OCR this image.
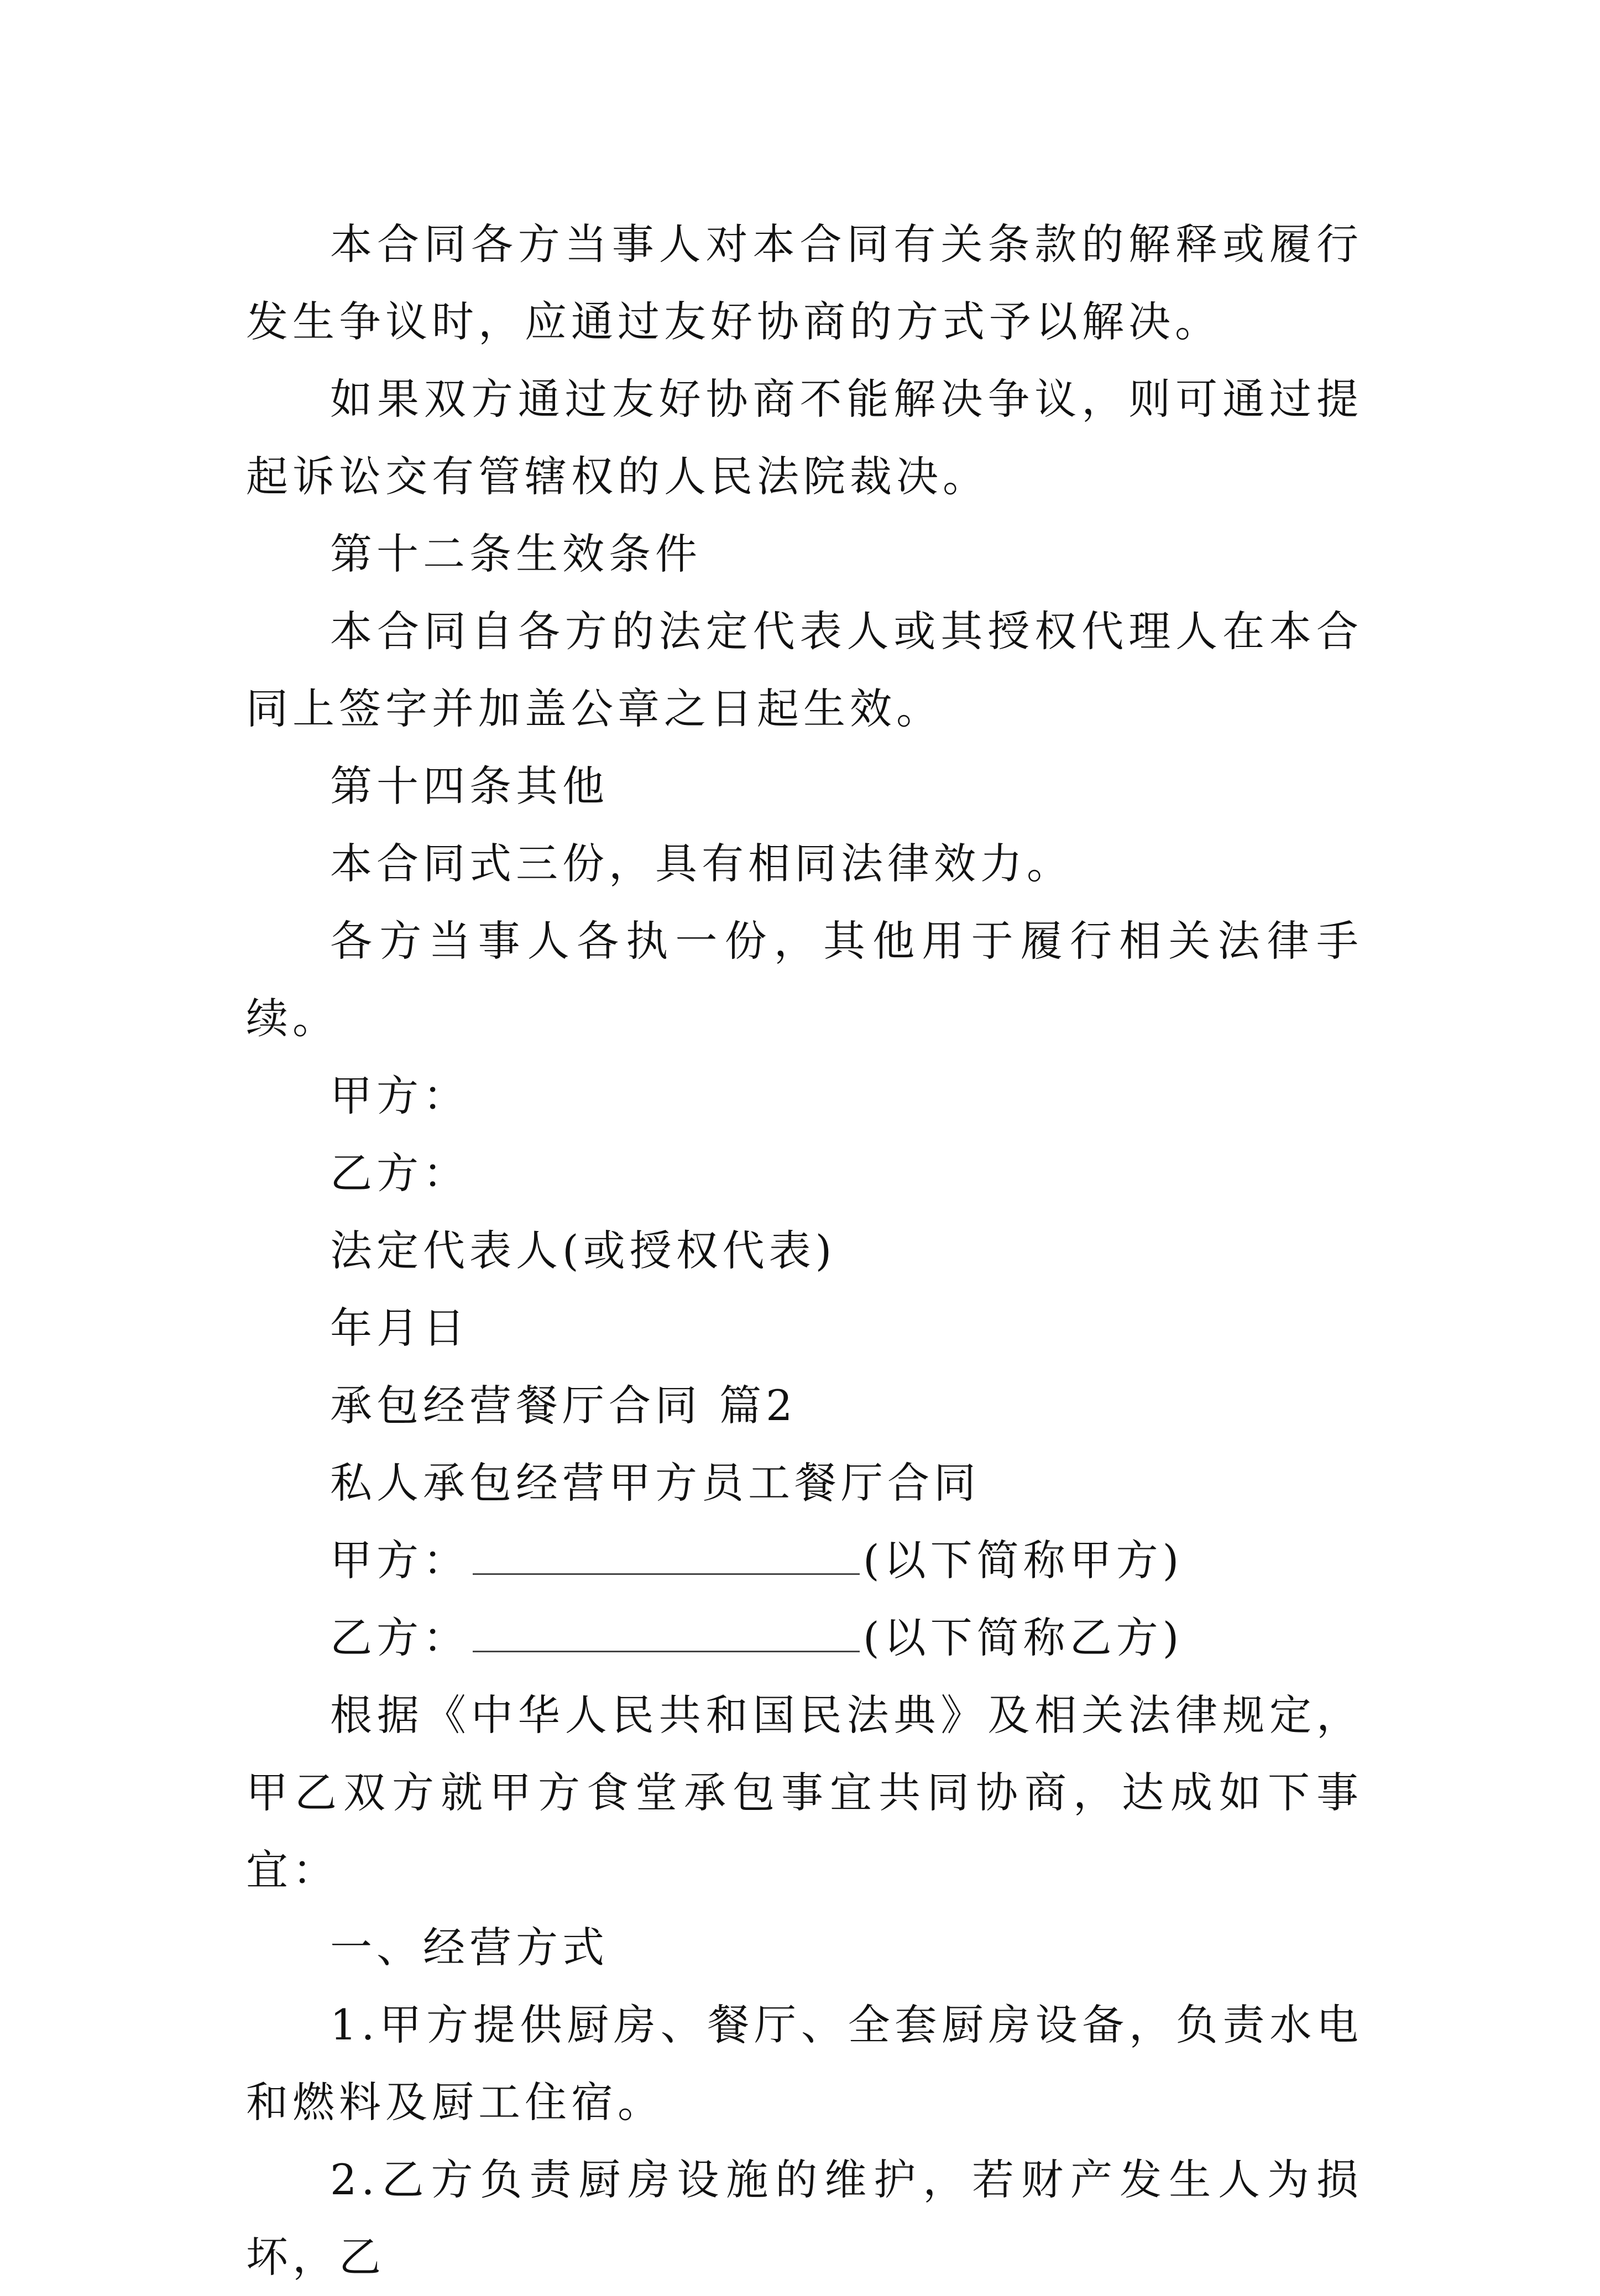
本合同各方当事人对本合同有关条款的解释或履行发生争议时，应通过友好协商的方式予以解决。

如果双方通过友好协商不能解决争议，则可通过提起诉讼交有管辖权的人民法院裁决。

第十二条生效条件

本合同自各方的法定代表人或其授权代理人在本合同上签字并加盖公章之日起生效。

第十四条其他

本合同式三份，具有相同法律效力。

各方当事人各执一份，其他用于履行相关法律手续。

甲方：

乙方：

法定代表人(或授权代表)

年月日

承包经营餐厅合同 篇2

私人承包经营甲方员工餐厅合同

甲方：	(以下简称甲方)

乙方：	(以下简称乙方)

根据《中华人民共和国民法典》及相关法律规定，甲乙双方就甲方食堂承包事宜共同协商，达成如下事宜：

一、经营方式

1.甲方提供厨房、餐厅、全套厨房设备，负责水电和燃料及厨工住宿。

2.乙方负责厨房设施的维护，若财产发生人为损坏，乙
